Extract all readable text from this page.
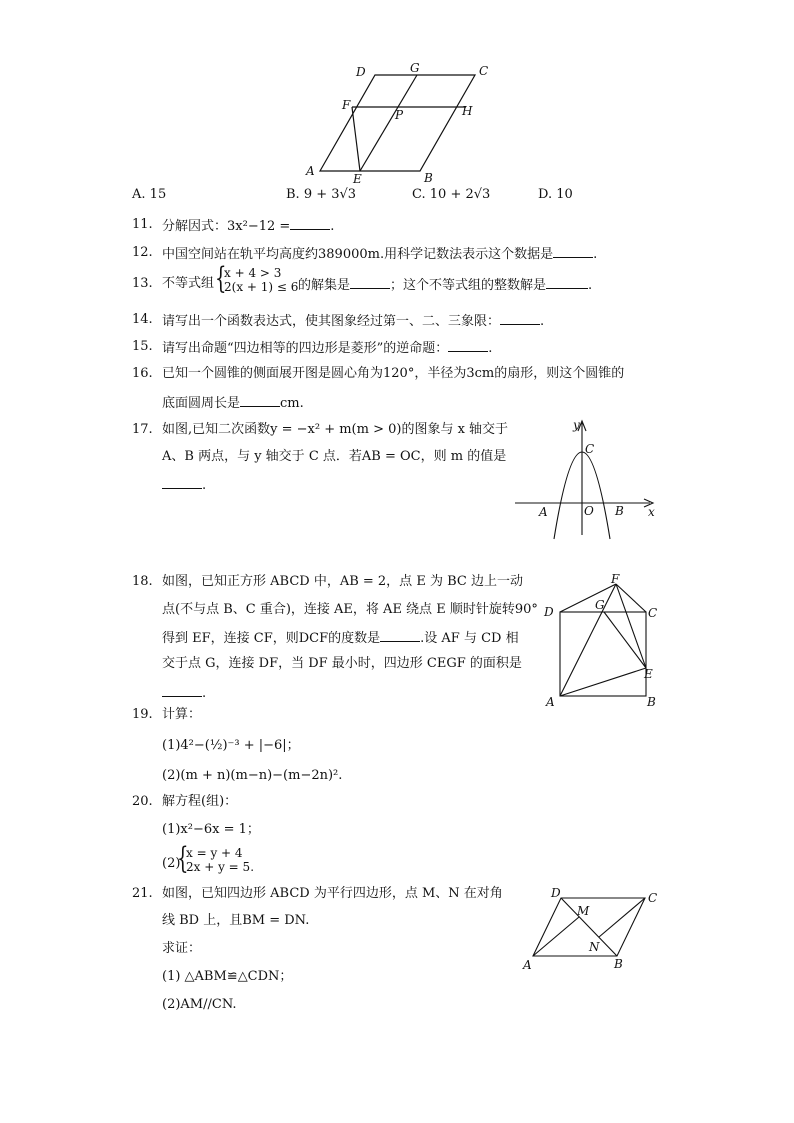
D	G	C
F
P	H
A
E	B
A. 15	B. 9 + 3√3	C. 10 + 2√3	D. 10
11. 分解因式：3x²−12 =	.
12. 中国空间站在轨平均高度约389000m.用科学记数法表示这个数据是	.
13. 不等式组 {
x + 4 > 3
2(x + 1) ≤ 6 的解集是	；这个不等式组的整数解是	.
14. 请写出一个函数表达式，使其图象经过第一、二、三象限：	.
15. 请写出命题“四边相等的四边形是菱形”的逆命题：	.
16. 已知一个圆锥的侧面展开图是圆心角为120°，半径为3cm的扇形，则这个圆锥的
底面圆周长是	cm.
17. 如图,已知二次函数y = −x² + m(m > 0)的图象与 x 轴交于
A、B 两点，与 y 轴交于 C 点．若AB = OC，则 m 的值是
.
y
C
A	O B x
18. 如图，已知正方形 ABCD 中，AB = 2，点 E 为 BC 边上一动
点(不与点 B、C 重合)，连接 AE，将 AE 绕点 E 顺时针旋转90°
得到 EF，连接 CF，则DCF的度数是	.设 AF 与 CD 相
交于点 G，连接 DF，当 DF 最小时，四边形 CEGF 的面积是
.
F
D	G
C
E
A	B
19. 计算：
(1)4²−(½)⁻³ + |−6|；
(2)(m + n)(m−n)−(m−2n)².
20. 解方程(组)：
(1)x²−6x = 1；
(2)
{
x = y + 4
2x + y = 5.
21. 如图，已知四边形 ABCD 为平行四边形，点 M、N 在对角
线 BD 上，且BM = DN.
求证：
(1) △ABM≌△CDN；
(2)AM//CN.
D	C
M
N
A	B
